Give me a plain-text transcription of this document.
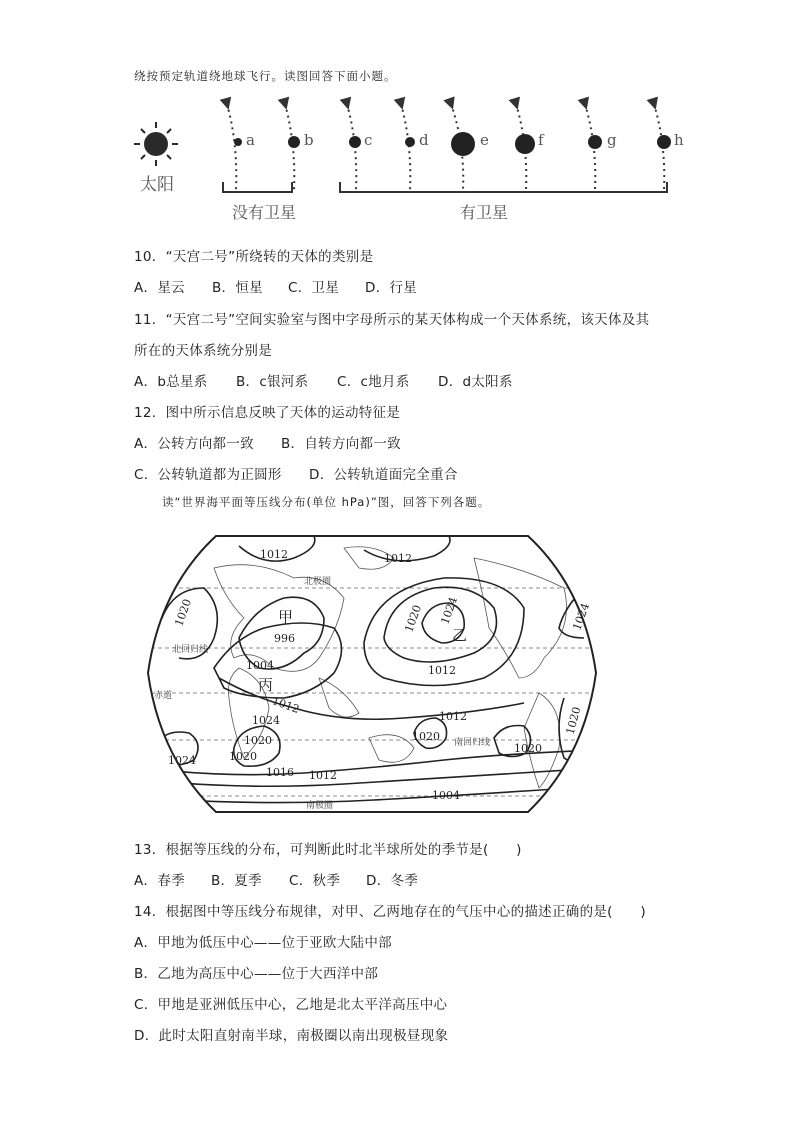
绕按预定轨道绕地球飞行。读图回答下面小题。
太阳
a	b	c	d	e	f	g	h
没有卫星	有卫星
10．“天宫二号”所绕转的天体的类别是
A．星云 B．恒星 C．卫星 D．行星
11．“天宫二号”空间实验室与图中字母所示的某天体构成一个天体系统，该天体及其
所在的天体系统分别是
A．b总星系 B．c银河系 C．c地月系 D．d太阳系
12．图中所示信息反映了天体的运动特征是
A．公转方向都一致 B．自转方向都一致
C．公转轨道都为正圆形 D．公转轨道面完全重合
读“世界海平面等压线分布(单位 hPa)”图，回答下列各题。
1012	1012
1020
996
1004
1012
1020 1024
1012
1020
1024
1012
1024	1020
1020
1016 1012
1020
1020
1024
1004
甲
乙
丙
北极圈
北回归线
赤道
南回归线
南极圈
13．根据等压线的分布，可判断此时北半球所处的季节是(　　)
A．春季 B．夏季 C．秋季 D．冬季
14．根据图中等压线分布规律，对甲、乙两地存在的气压中心的描述正确的是(　　)
A．甲地为低压中心——位于亚欧大陆中部
B．乙地为高压中心——位于大西洋中部
C．甲地是亚洲低压中心，乙地是北太平洋高压中心
D．此时太阳直射南半球，南极圈以南出现极昼现象
